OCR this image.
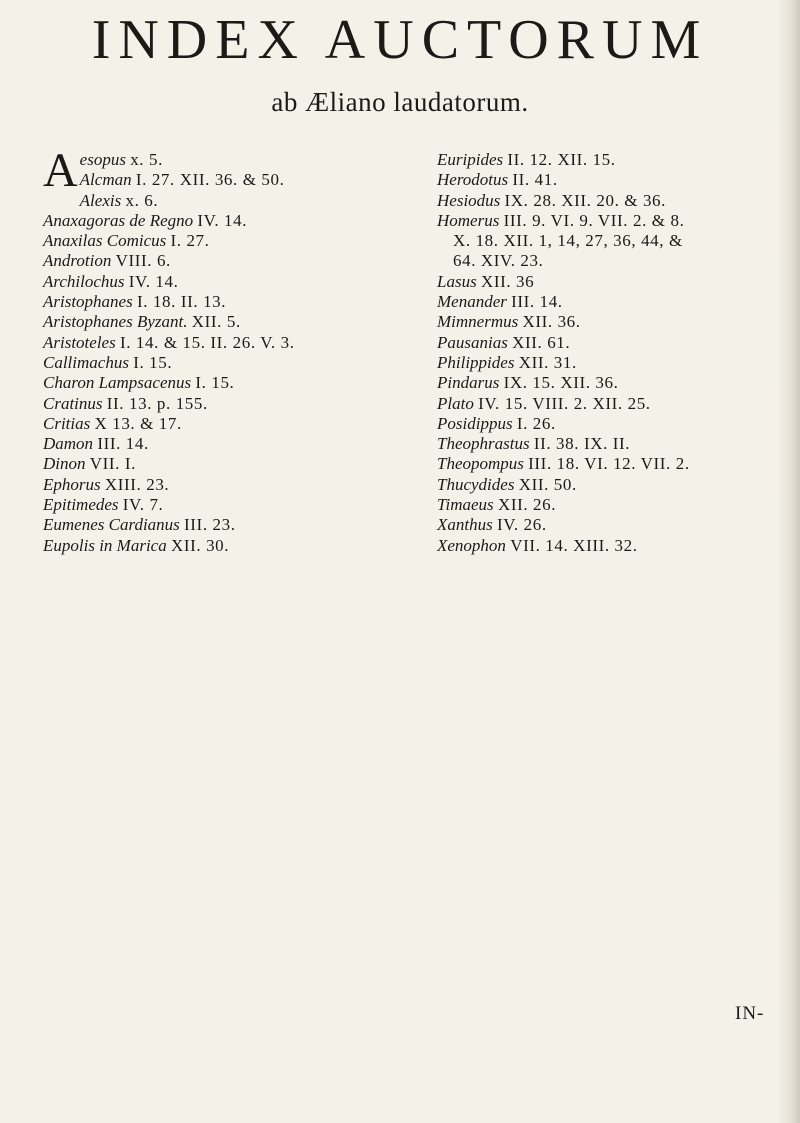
INDEX AUCTORUM
ab Æliano laudatorum.
A esopus x. 5.
Alcman I. 27. XII. 36. & 50.
Alexis x. 6.
Anaxagoras de Regno IV. 14.
Anaxilas Comicus I. 27.
Androtion VIII. 6.
Archilochus IV. 14.
Aristophanes I. 18. II. 13.
Aristophanes Byzant. XII. 5.
Aristoteles I. 14. & 15. II. 26. V. 3.
Callimachus I. 15.
Charon Lampsacenus I. 15.
Cratinus II. 13. p. 155.
Critias X 13. & 17.
Damon III. 14.
Dinon VII. I.
Ephorus XIII. 23.
Epitimedes IV. 7.
Eumenes Cardianus III. 23.
Eupolis in Marica XII. 30.
Euripides II. 12. XII. 15.
Herodotus II. 41.
Hesiodus IX. 28. XII. 20. & 36.
Homerus III. 9. VI. 9. VII. 2. & 8.
X. 18. XII. 1, 14, 27, 36, 44, &
64. XIV. 23.
Lasus XII. 36
Menander III. 14.
Mimnermus XII. 36.
Pausanias XII. 61.
Philippides XII. 31.
Pindarus IX. 15. XII. 36.
Plato IV. 15. VIII. 2. XII. 25.
Posidippus I. 26.
Theophrastus II. 38. IX. II.
Theopompus III. 18. VI. 12. VII. 2.
Thucydides XII. 50.
Timaeus XII. 26.
Xanthus IV. 26.
Xenophon VII. 14. XIII. 32.
IN-
